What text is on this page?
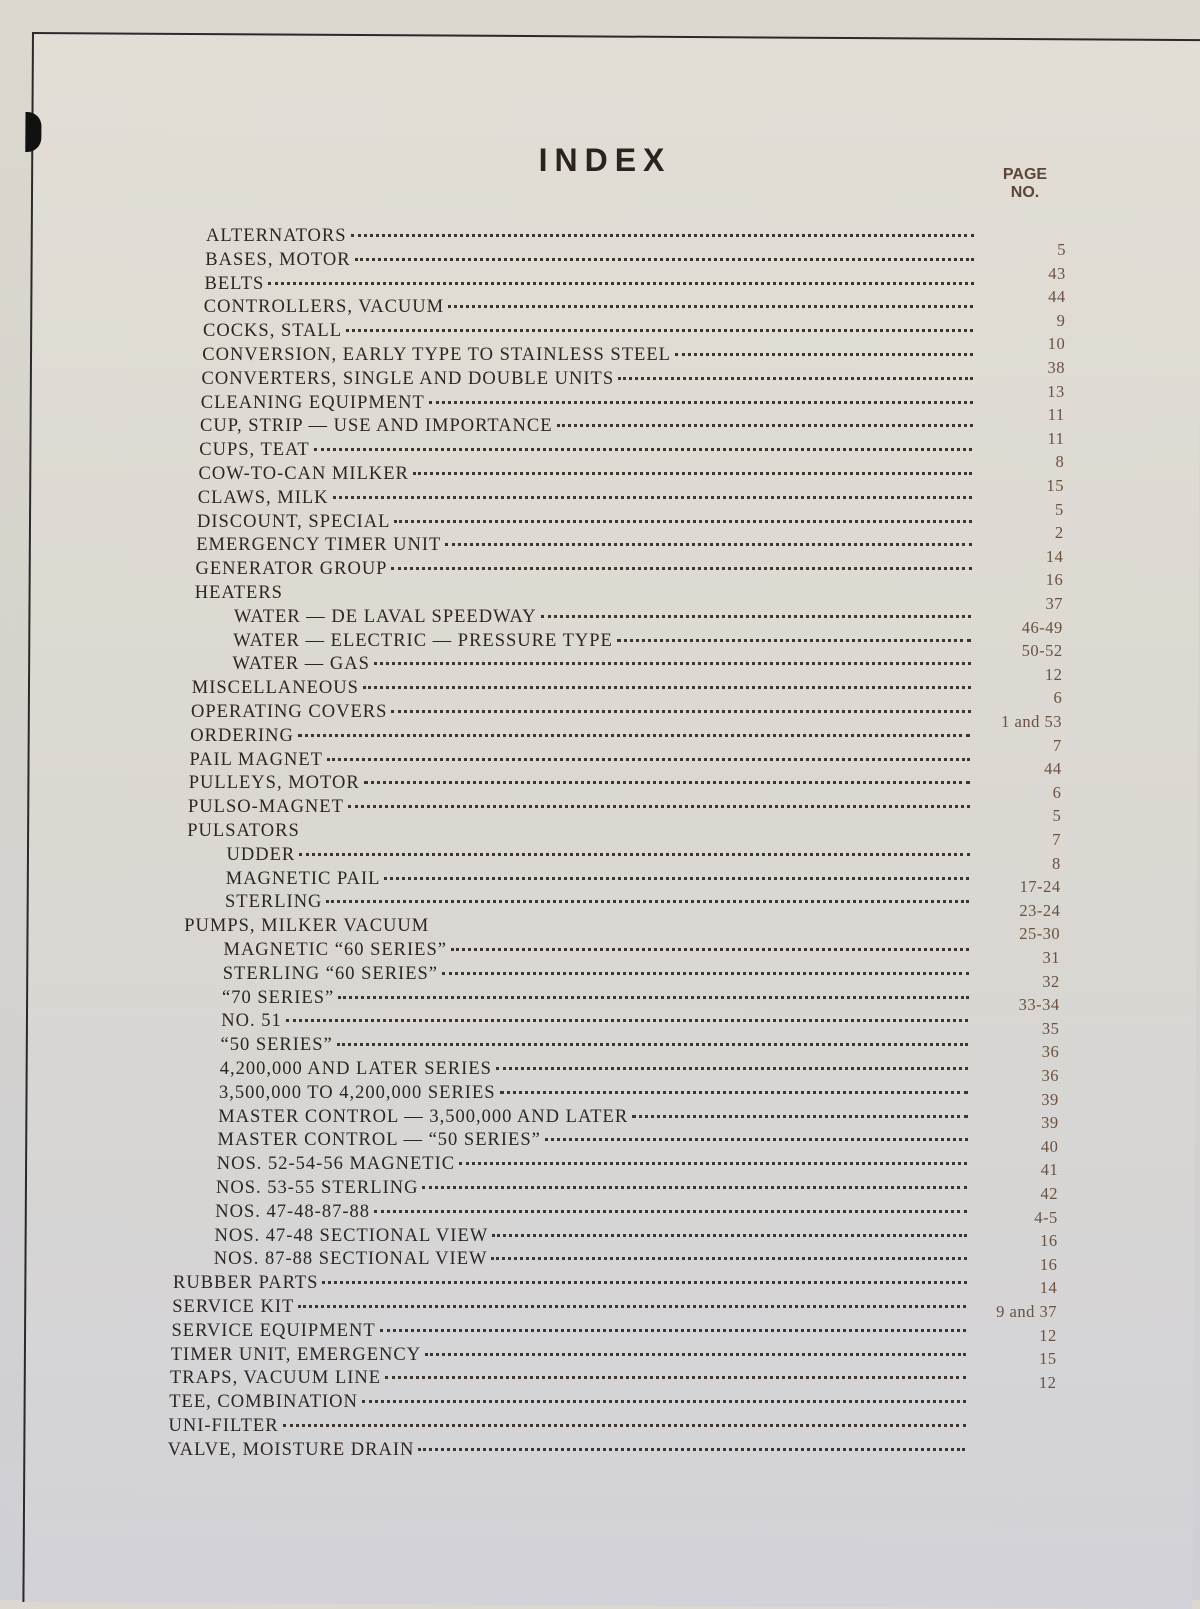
INDEX	PAGE
NO.
ALTERNATORS
BASES, MOTOR
BELTS
CONTROLLERS, VACUUM
COCKS, STALL
CONVERSION, EARLY TYPE TO STAINLESS STEEL
CONVERTERS, SINGLE AND DOUBLE UNITS
CLEANING EQUIPMENT
CUP, STRIP — USE AND IMPORTANCE
CUPS, TEAT
COW-TO-CAN MILKER
CLAWS, MILK
DISCOUNT, SPECIAL
EMERGENCY TIMER UNIT
GENERATOR GROUP
HEATERS
WATER — DE LAVAL SPEEDWAY
WATER — ELECTRIC — PRESSURE TYPE
WATER — GAS
MISCELLANEOUS
OPERATING COVERS
ORDERING
PAIL MAGNET
PULLEYS, MOTOR
PULSO-MAGNET
PULSATORS
UDDER
MAGNETIC PAIL
STERLING
PUMPS, MILKER VACUUM
MAGNETIC “60 SERIES”
STERLING “60 SERIES”
“70 SERIES”
NO. 51
“50 SERIES”
4,200,000 AND LATER SERIES
3,500,000 TO 4,200,000 SERIES
MASTER CONTROL — 3,500,000 AND LATER
MASTER CONTROL — “50 SERIES”
NOS. 52-54-56 MAGNETIC
NOS. 53-55 STERLING
NOS. 47-48-87-88
NOS. 47-48 SECTIONAL VIEW
NOS. 87-88 SECTIONAL VIEW
RUBBER PARTS
SERVICE KIT
SERVICE EQUIPMENT
TIMER UNIT, EMERGENCY
TRAPS, VACUUM LINE
TEE, COMBINATION
UNI-FILTER
VALVE, MOISTURE DRAIN
5
43
44
9
10
38
13
11
11
8
15
5
2
14
16
37
46-49
50-52
12
6
1 and 53
7
44
6
5
7
8
17-24
23-24
25-30
31
32
33-34
35
36
36
39
39
40
41
42
4-5
16
16
14
9 and 37
12
15
12
